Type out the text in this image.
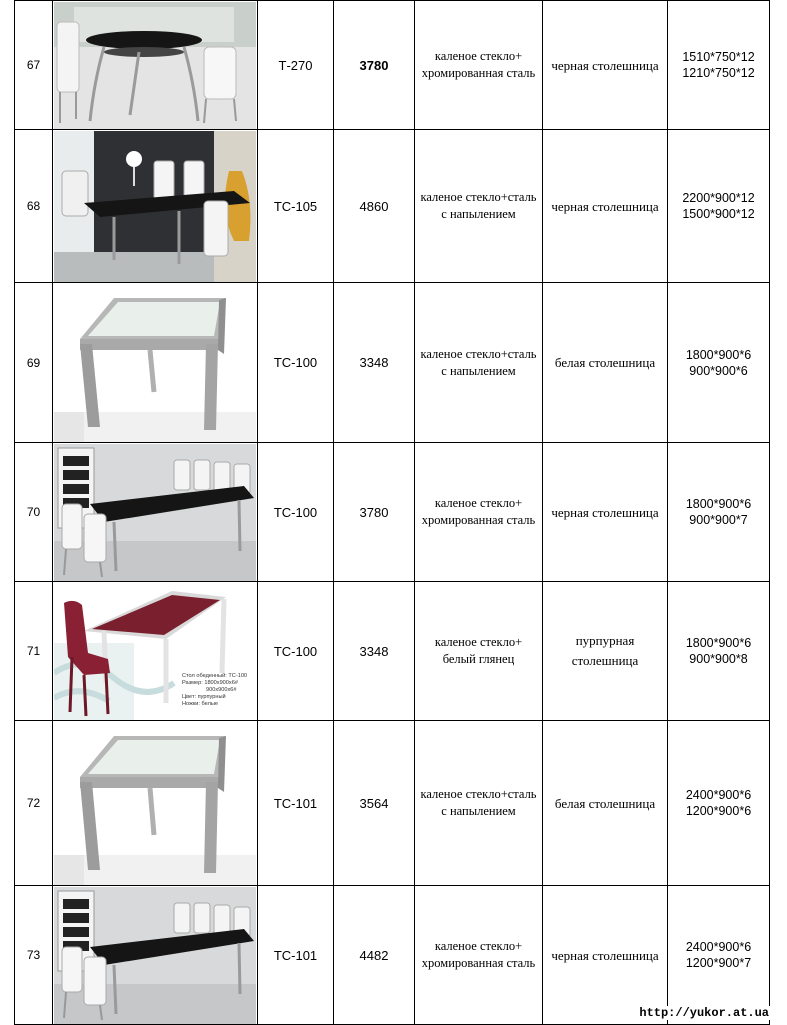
67		Т-270	3780	каленое стекло+
хромированная сталь	черная столешница	1510*750*12
1210*750*12

68		ТС-105	4860	каленое стекло+сталь
с напылением	черная столешница	2200*900*12
1500*900*12

69		ТС-100	3348	каленое стекло+сталь
с напылением	белая столешница	1800*900*6
900*900*6

70		ТС-100	3780	каленое стекло+
хромированная сталь	черная столешница	1800*900*6
900*900*7

71	Стол обеденный: ТС-100
Размер: 1800х900х6#
900х900х6#
Цвет: пурпурный
Ножки: белые	ТС-100	3348	каленое стекло+
белый глянец	пурпурная
столешница	1800*900*6
900*900*8

72		ТС-101	3564	каленое стекло+сталь
с напылением	белая столешница	2400*900*6
1200*900*6

73		ТС-101	4482	каленое стекло+
хромированная сталь	черная столешница	2400*900*6
1200*900*7
http://yukor.at.ua
